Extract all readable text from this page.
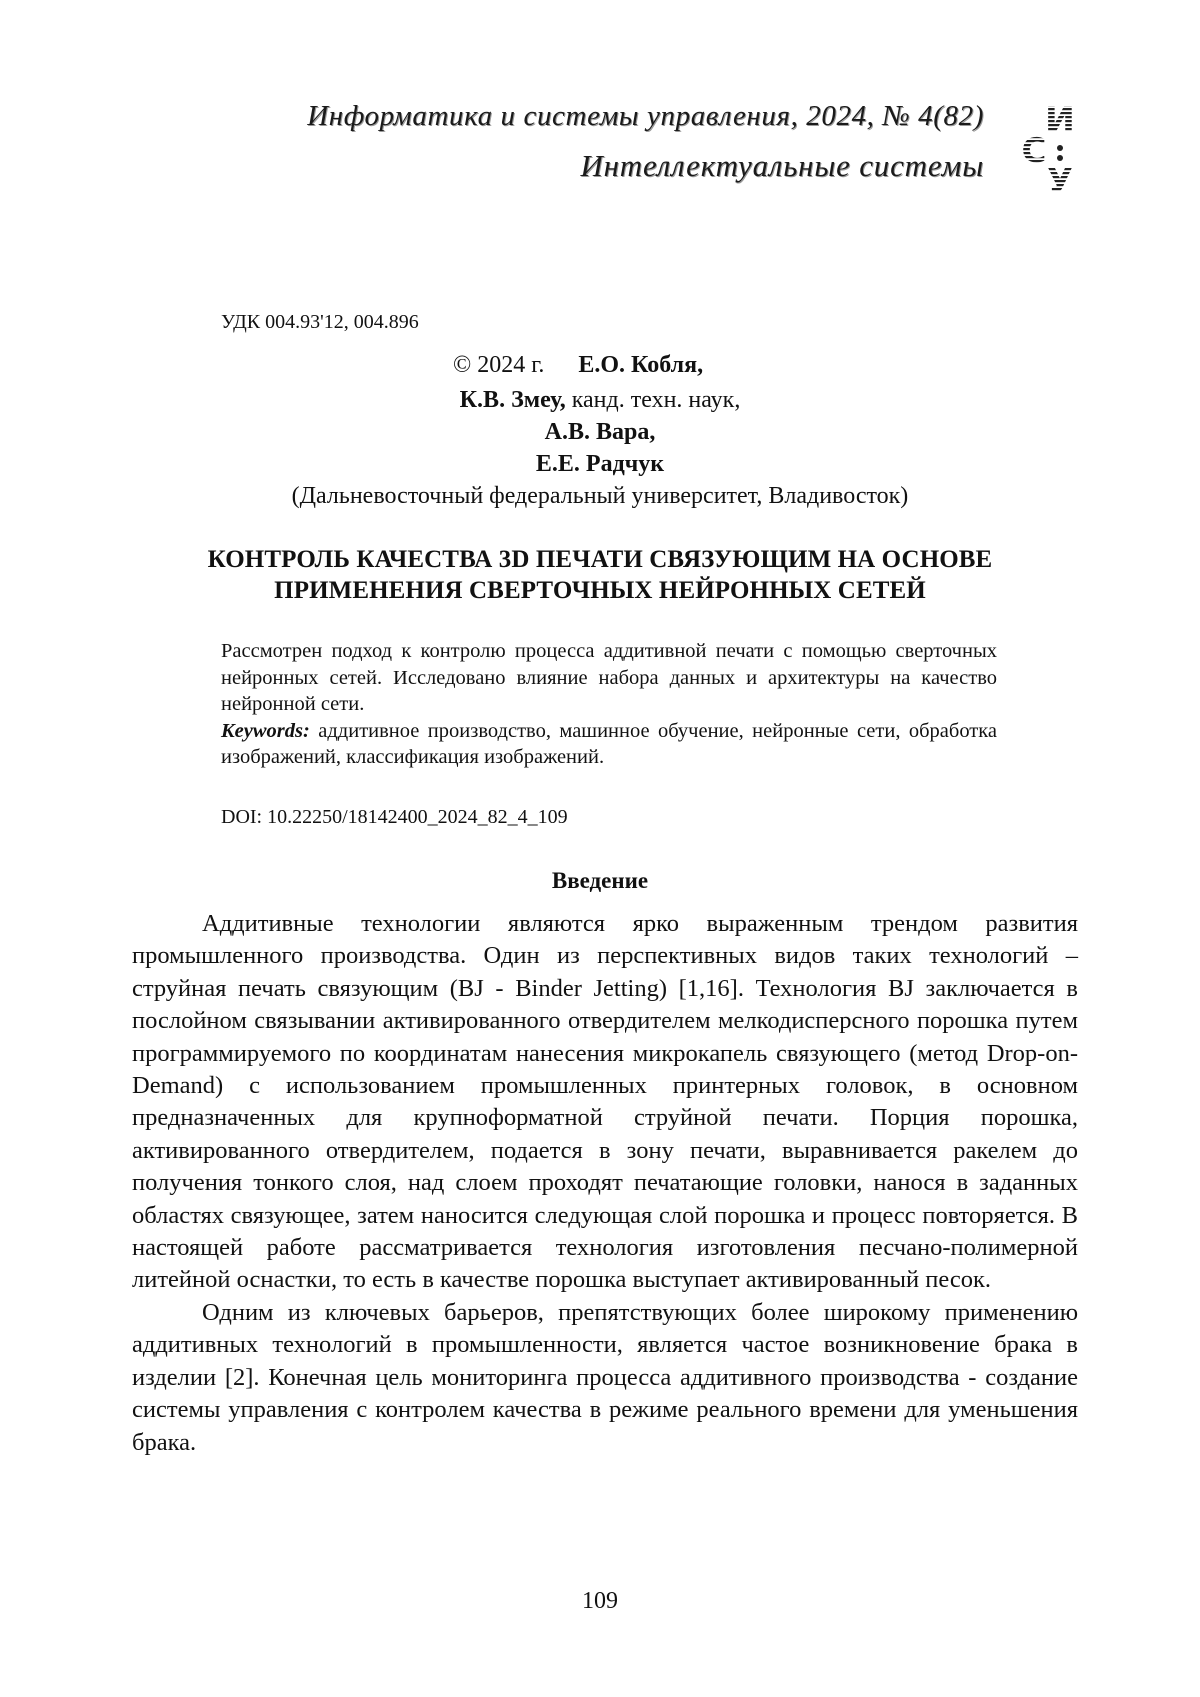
Информатика и системы управления, 2024, № 4(82)
Интеллектуальные системы
И
С
У
УДК 004.93'12, 004.896
© 2024 г. Е.О. Кобля,
К.В. Змеу, канд. техн. наук,
А.В. Вара,
Е.Е. Радчук
(Дальневосточный федеральный университет, Владивосток)
КОНТРОЛЬ КАЧЕСТВА 3D ПЕЧАТИ СВЯЗУЮЩИМ НА ОСНОВЕ
ПРИМЕНЕНИЯ СВЕРТОЧНЫХ НЕЙРОННЫХ СЕТЕЙ

Рассмотрен подход к контролю процесса аддитивной печати с помощью сверточных нейронных сетей. Исследовано влияние набора данных и архитектуры на качество нейронной сети.

Keywords: аддитивное производство, машинное обучение, нейронные сети, обработка изображений, классификация изображений.

DOI: 10.22250/18142400_2024_82_4_109
Введение

Аддитивные технологии являются ярко выраженным трендом развития промышленного производства. Один из перспективных видов таких технологий – струйная печать связующим (BJ - Binder Jetting) [1,16]. Технология BJ заключается в послойном связывании активированного отвердителем мелкодисперсного порошка путем программируемого по координатам нанесения микрокапель связующего (метод Drop-on-Demand) с использованием промышленных принтерных головок, в основном предназначенных для крупноформатной струйной печати. Порция порошка, активированного отвердителем, подается в зону печати, выравнивается ракелем до получения тонкого слоя, над слоем проходят печатающие головки, нанося в заданных областях связующее, затем наносится следующая слой порошка и процесс повторяется. В настоящей работе рассматривается технология изготовления песчано-полимерной литейной оснастки, то есть в качестве порошка выступает активированный песок.

Одним из ключевых барьеров, препятствующих более широкому применению аддитивных технологий в промышленности, является частое возникновение брака в изделии [2]. Конечная цель мониторинга процесса аддитивного производства - создание системы управления с контролем качества в режиме реального времени для уменьшения брака.

109
